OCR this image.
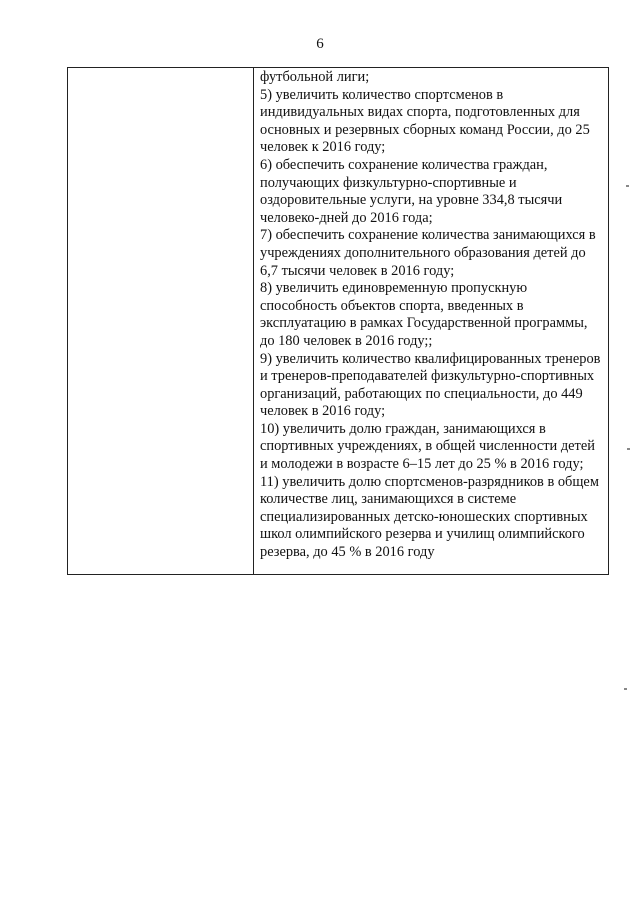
6

футбольной лиги;

5) увеличить количество спортсменов в индивидуальных видах спорта, подготовленных для основных и резервных сборных команд России, до 25 человек к 2016 году;

6) обеспечить сохранение количества граждан, получающих физкультурно-спортивные и оздоровительные услуги, на уровне 334,8 тысячи человеко-дней до 2016 года;

7) обеспечить сохранение количества занимающихся в учреждениях дополнительного образования детей до 6,7 тысячи человек в 2016 году;

8) увеличить единовременную пропускную способность объектов спорта, введенных в эксплуатацию в рамках Государственной программы, до 180 человек в 2016 году;;

9) увеличить количество квалифицированных тренеров и тренеров-преподавателей физкультурно-спортивных организаций, работающих по специальности, до 449 человек в 2016 году;

10) увеличить долю граждан, занимающихся в спортивных учреждениях, в общей численности детей и молодежи в возрасте 6–15 лет до 25 % в 2016 году;

11) увеличить долю спортсменов-разрядников в общем количестве лиц, занимающихся в системе специализированных детско-юношеских спортивных школ олимпийского резерва и училищ олимпийского резерва, до 45 % в 2016 году
